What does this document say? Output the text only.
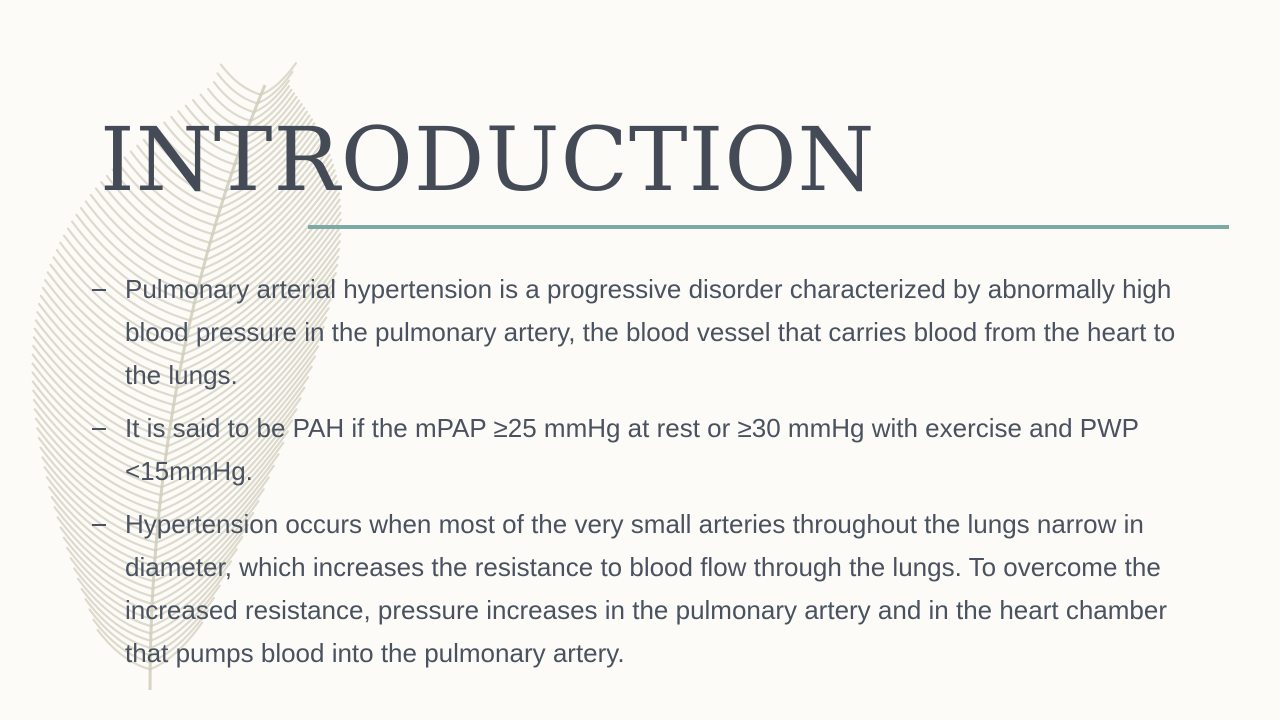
INTRODUCTION
Pulmonary arterial hypertension is a progressive disorder characterized by abnormally high blood pressure in the pulmonary artery, the blood vessel that carries blood from the heart to the lungs.
It is said to be PAH if the mPAP ≥25 mmHg at rest or ≥30 mmHg with exercise and PWP <15mmHg.
Hypertension occurs when most of the very small arteries throughout the lungs narrow in diameter, which increases the resistance to blood flow through the lungs. To overcome the increased resistance, pressure increases in the pulmonary artery and in the heart chamber that pumps blood into the pulmonary artery.
